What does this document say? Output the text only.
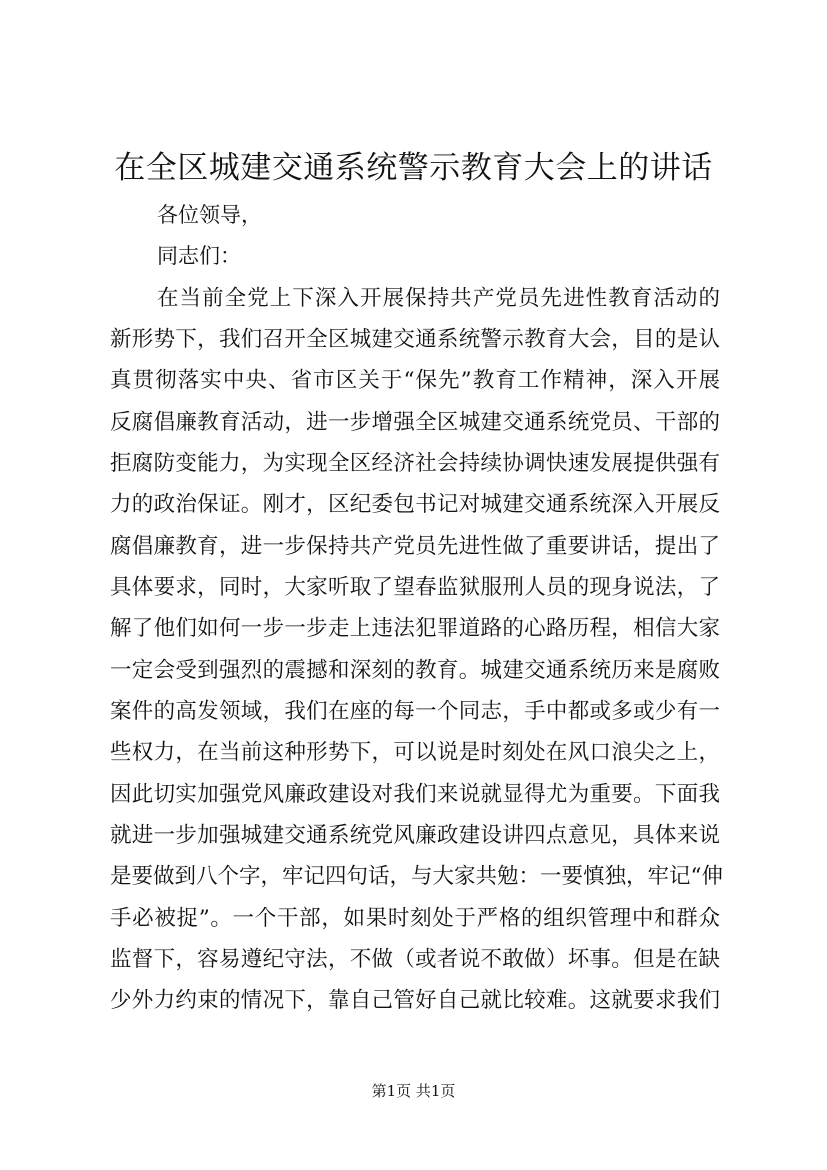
在全区城建交通系统警示教育大会上的讲话
各位领导，
同志们：
在当前全党上下深入开展保持共产党员先进性教育活动的
新形势下，我们召开全区城建交通系统警示教育大会，目的是认
真贯彻落实中央、省市区关于“保先”教育工作精神，深入开展
反腐倡廉教育活动，进一步增强全区城建交通系统党员、干部的
拒腐防变能力，为实现全区经济社会持续协调快速发展提供强有
力的政治保证。刚才，区纪委包书记对城建交通系统深入开展反
腐倡廉教育，进一步保持共产党员先进性做了重要讲话，提出了
具体要求，同时，大家听取了望春监狱服刑人员的现身说法，了
解了他们如何一步一步走上违法犯罪道路的心路历程，相信大家
一定会受到强烈的震撼和深刻的教育。城建交通系统历来是腐败
案件的高发领域，我们在座的每一个同志，手中都或多或少有一
些权力，在当前这种形势下，可以说是时刻处在风口浪尖之上，
因此切实加强党风廉政建设对我们来说就显得尤为重要。下面我
就进一步加强城建交通系统党风廉政建设讲四点意见，具体来说
是要做到八个字，牢记四句话，与大家共勉：一要慎独，牢记“伸
手必被捉”。一个干部，如果时刻处于严格的组织管理中和群众
监督下，容易遵纪守法，不做（或者说不敢做）坏事。但是在缺
少外力约束的情况下，靠自己管好自己就比较难。这就要求我们
第1页 共1页
